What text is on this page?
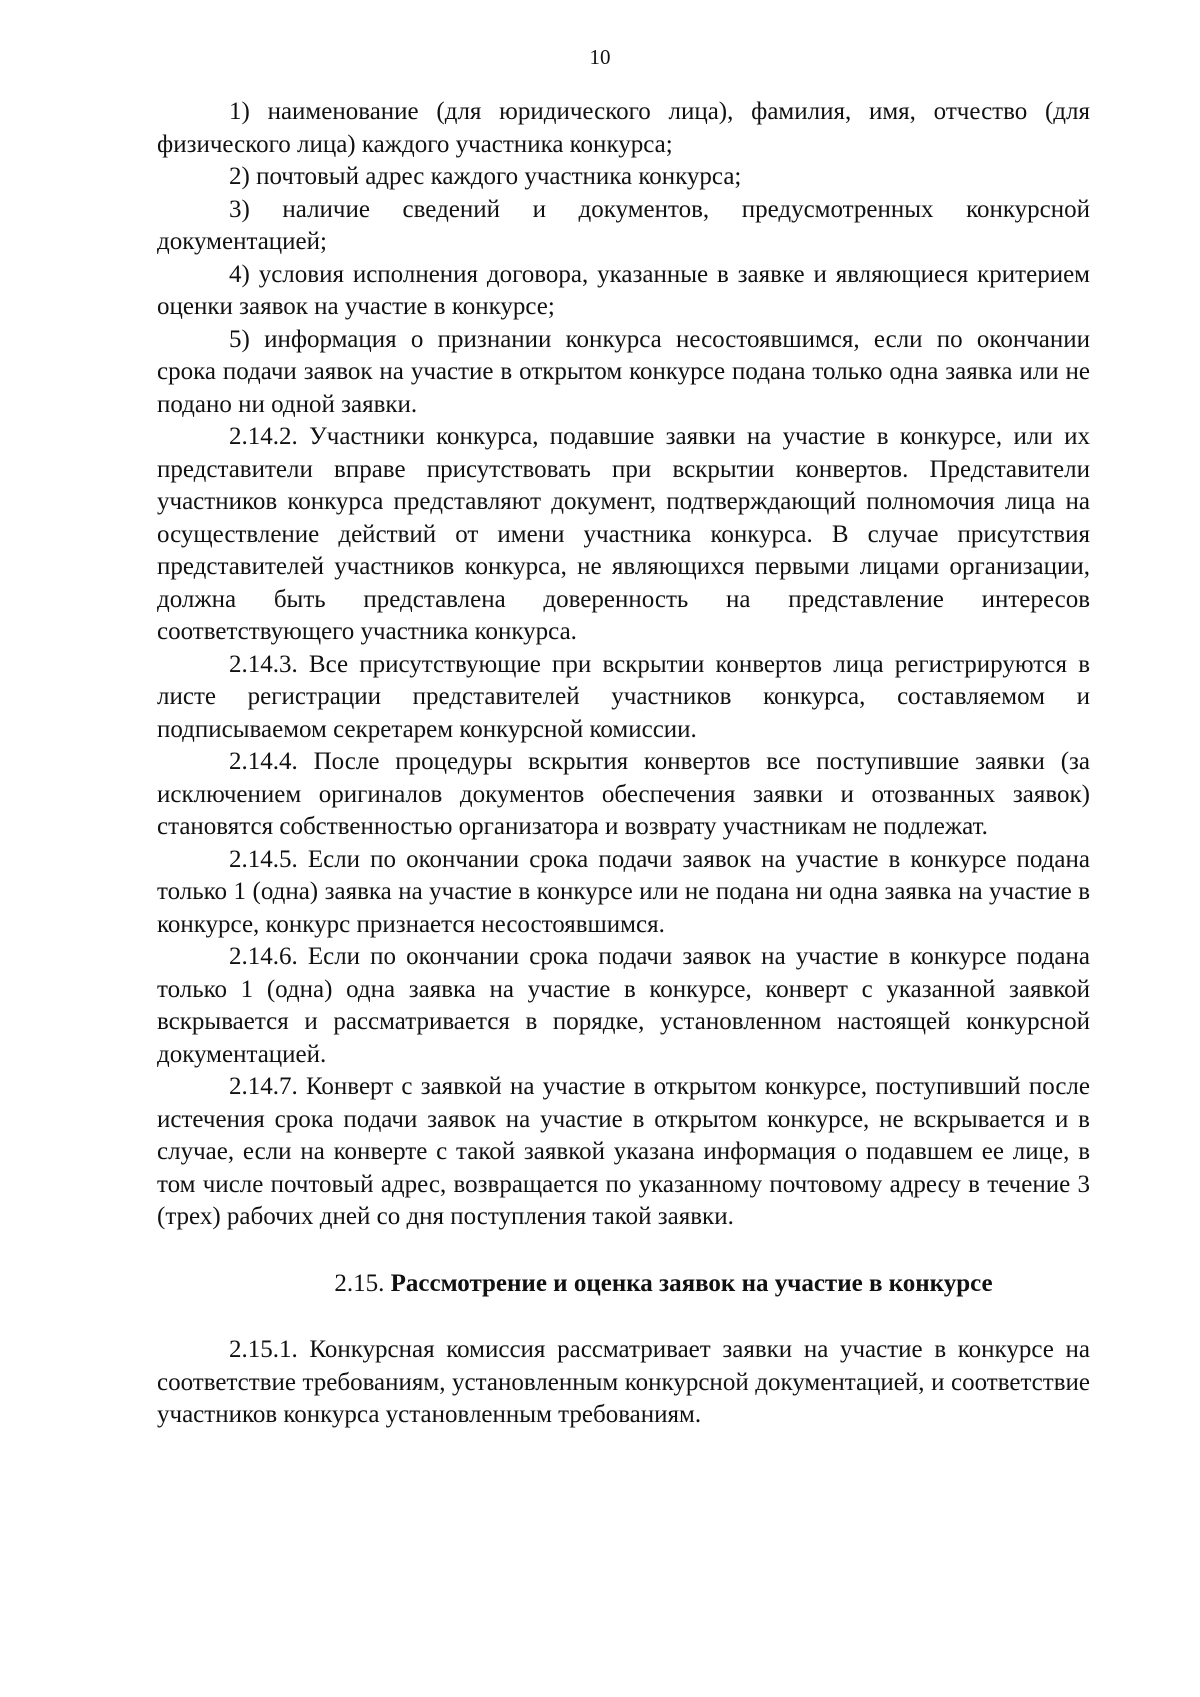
10

1) наименование (для юридического лица), фамилия, имя, отчество (для физического лица) каждого участника конкурса;

2) почтовый адрес каждого участника конкурса;

3) наличие сведений и документов, предусмотренных конкурсной документацией;

4) условия исполнения договора, указанные в заявке и являющиеся критерием оценки заявок на участие в конкурсе;

5) информация о признании конкурса несостоявшимся, если по окончании срока подачи заявок на участие в открытом конкурсе подана только одна заявка или не подано ни одной заявки.

2.14.2. Участники конкурса, подавшие заявки на участие в конкурсе, или их представители вправе присутствовать при вскрытии конвертов. Представители участников конкурса представляют документ, подтверждающий полномочия лица на осуществление действий от имени участника конкурса. В случае присутствия представителей участников конкурса, не являющихся первыми лицами организации, должна быть представлена доверенность на представление интересов соответствующего участника конкурса.

2.14.3. Все присутствующие при вскрытии конвертов лица регистрируются в листе регистрации представителей участников конкурса, составляемом и подписываемом секретарем конкурсной комиссии.

2.14.4. После процедуры вскрытия конвертов все поступившие заявки (за исключением оригиналов документов обеспечения заявки и отозванных заявок) становятся собственностью организатора и возврату участникам не подлежат.

2.14.5. Если по окончании срока подачи заявок на участие в конкурсе подана только 1 (одна) заявка на участие в конкурсе или не подана ни одна заявка на участие в конкурсе, конкурс признается несостоявшимся.

2.14.6. Если по окончании срока подачи заявок на участие в конкурсе подана только 1 (одна) одна заявка на участие в конкурсе, конверт с указанной заявкой вскрывается и рассматривается в порядке, установленном настоящей конкурсной документацией.

2.14.7. Конверт с заявкой на участие в открытом конкурсе, поступивший после истечения срока подачи заявок на участие в открытом конкурсе, не вскрывается и в случае, если на конверте с такой заявкой указана информация о подавшем ее лице, в том числе почтовый адрес, возвращается по указанному почтовому адресу в течение 3 (трех) рабочих дней со дня поступления такой заявки.

2.15. Рассмотрение и оценка заявок на участие в конкурсе

2.15.1. Конкурсная комиссия рассматривает заявки на участие в конкурсе на соответствие требованиям, установленным конкурсной документацией, и соответствие участников конкурса установленным требованиям.
